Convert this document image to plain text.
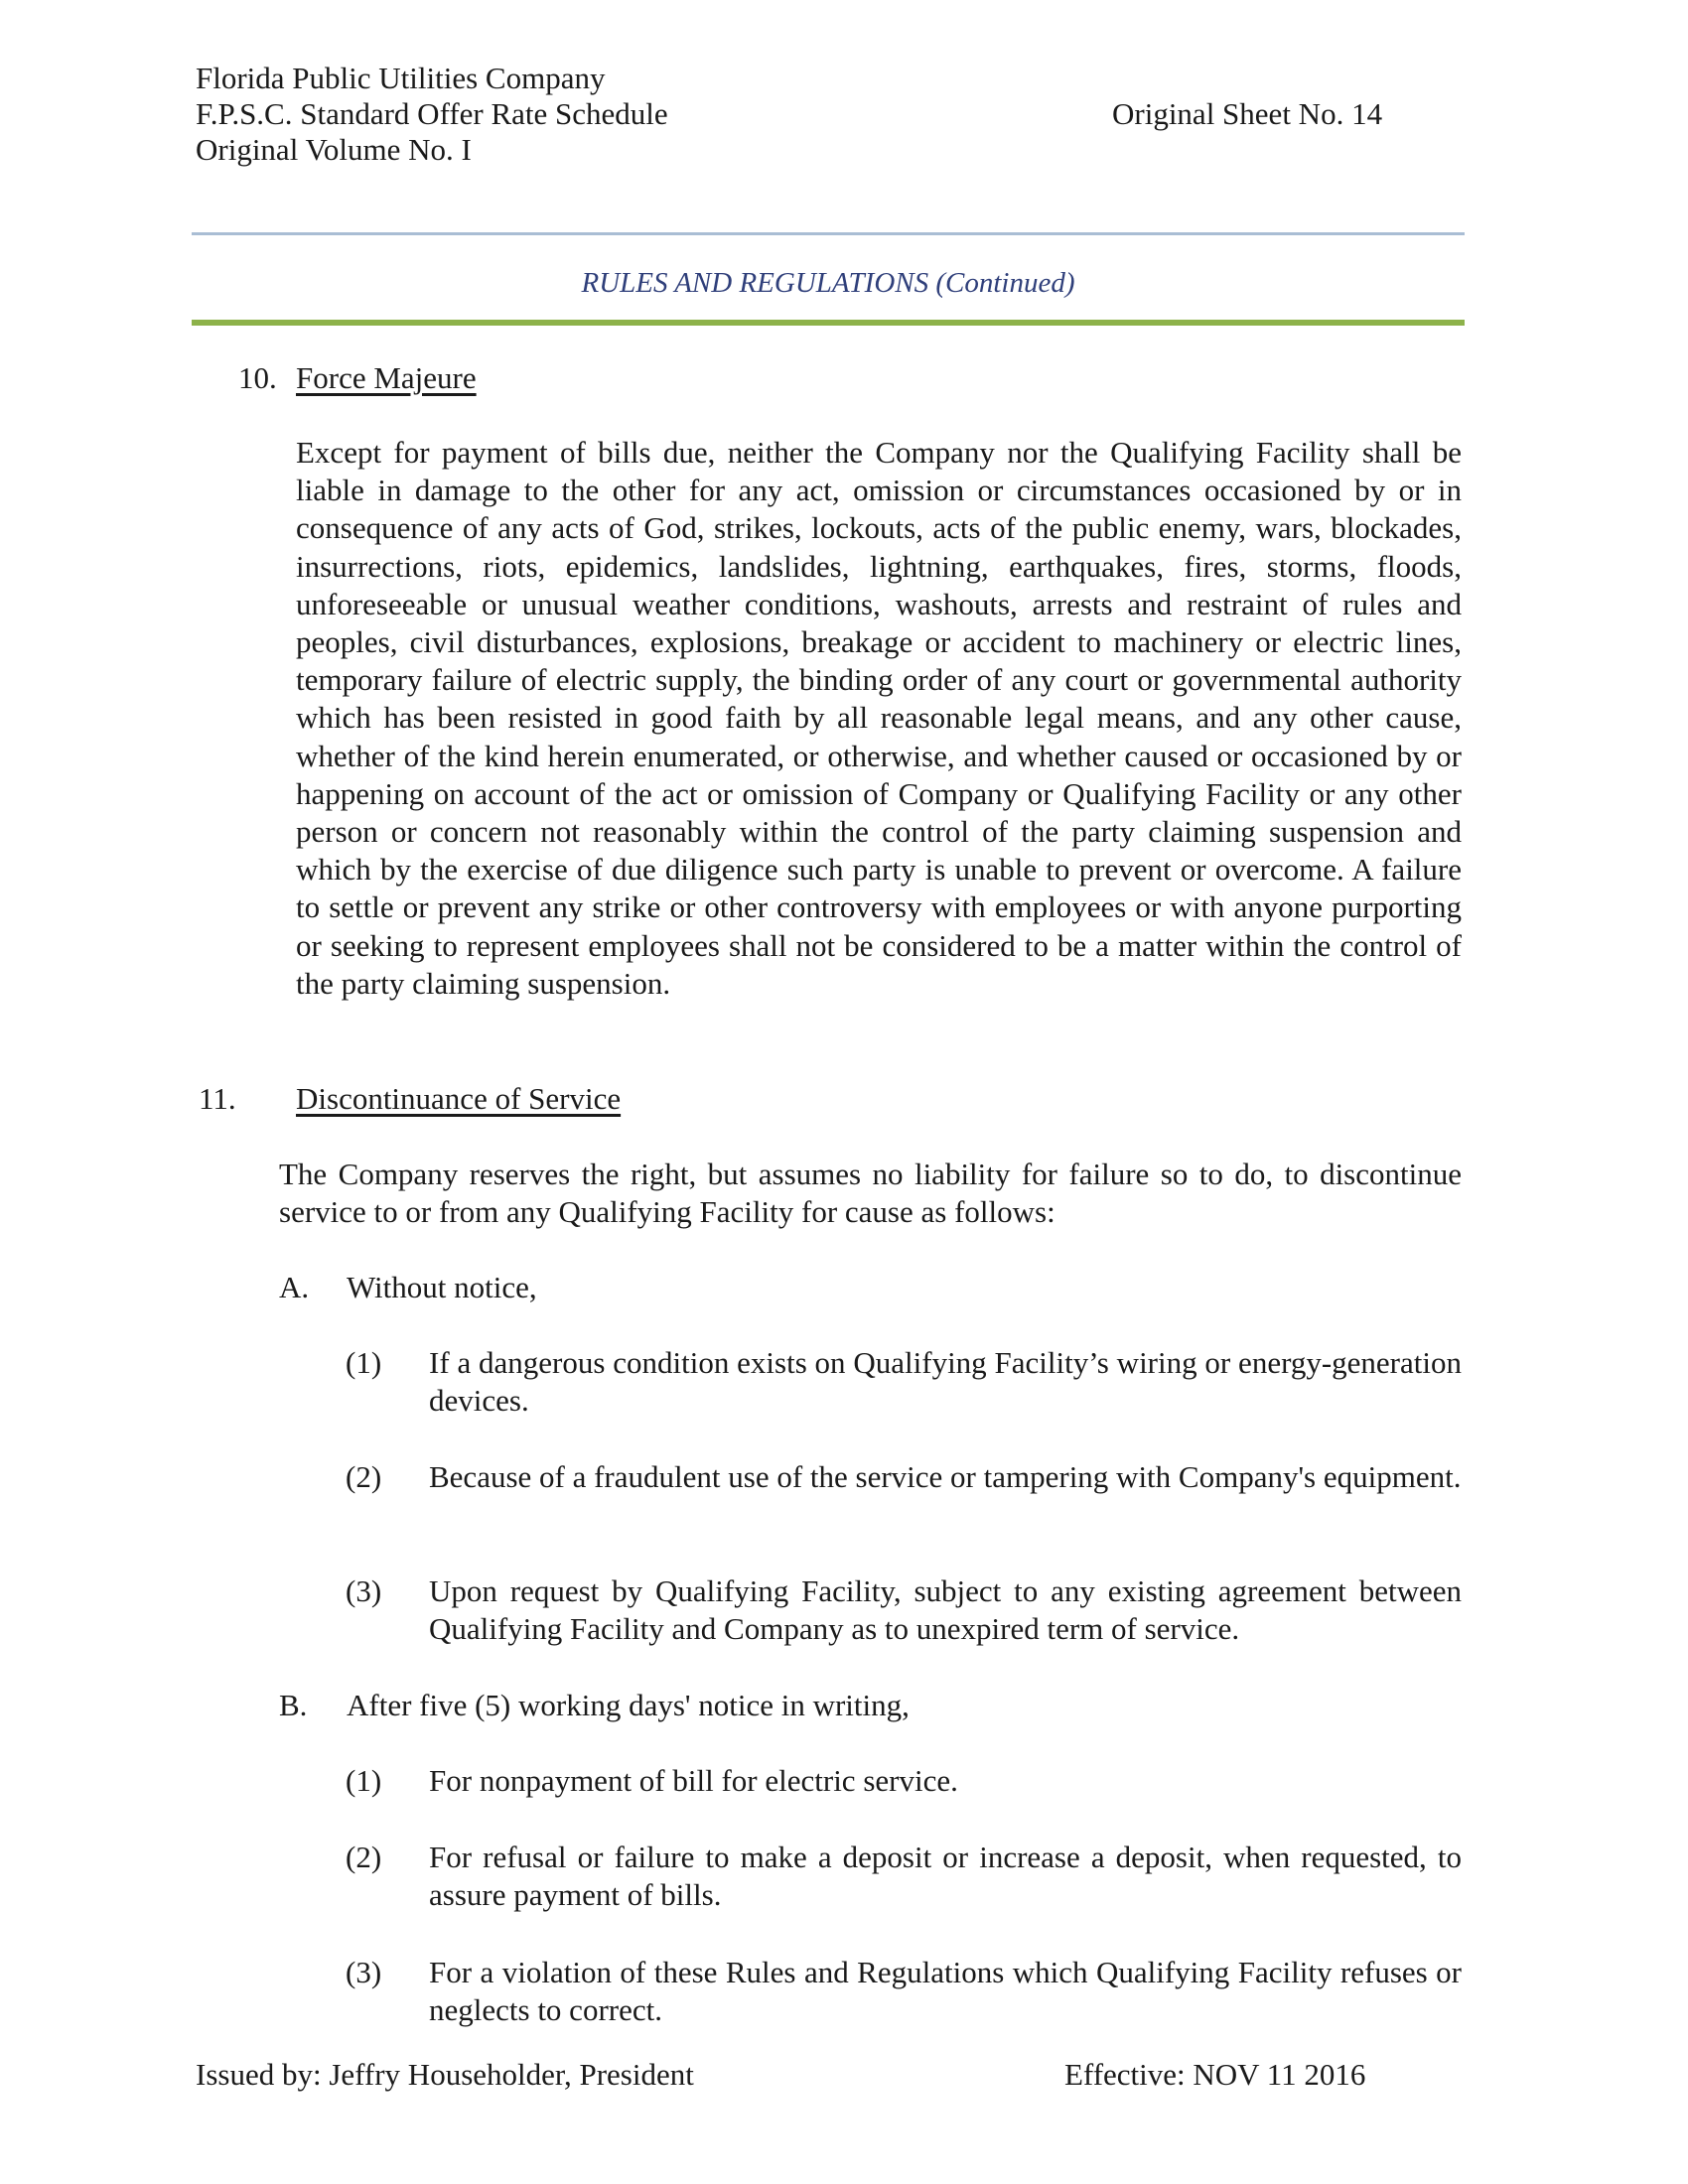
Florida Public Utilities Company
F.P.S.C. Standard Offer Rate Schedule
Original Volume No. I
Original Sheet No. 14
RULES AND REGULATIONS (Continued)
10. Force Majeure
Except for payment of bills due, neither the Company nor the Qualifying Facility shall be liable in damage to the other for any act, omission or circumstances occasioned by or in consequence of any acts of God, strikes, lockouts, acts of the public enemy, wars, blockades, insurrections, riots, epidemics, landslides, lightning, earthquakes, fires, storms, floods, unforeseeable or unusual weather conditions, washouts, arrests and restraint of rules and peoples, civil disturbances, explosions, breakage or accident to machinery or electric lines, temporary failure of electric supply, the binding order of any court or governmental authority which has been resisted in good faith by all reasonable legal means, and any other cause, whether of the kind herein enumerated, or otherwise, and whether caused or occasioned by or happening on account of the act or omission of Company or Qualifying Facility or any other person or concern not reasonably within the control of the party claiming suspension and which by the exercise of due diligence such party is unable to prevent or overcome. A failure to settle or prevent any strike or other controversy with employees or with anyone purporting or seeking to represent employees shall not be considered to be a matter within the control of the party claiming suspension.
11. Discontinuance of Service
The Company reserves the right, but assumes no liability for failure so to do, to discontinue service to or from any Qualifying Facility for cause as follows:
A. Without notice,
(1) If a dangerous condition exists on Qualifying Facility’s wiring or energy-generation devices.
(2) Because of a fraudulent use of the service or tampering with Company's equipment.
(3) Upon request by Qualifying Facility, subject to any existing agreement between Qualifying Facility and Company as to unexpired term of service.
B. After five (5) working days' notice in writing,
(1) For nonpayment of bill for electric service.
(2) For refusal or failure to make a deposit or increase a deposit, when requested, to assure payment of bills.
(3) For a violation of these Rules and Regulations which Qualifying Facility refuses or neglects to correct.
Issued by: Jeffry Householder, President	Effective: NOV 11 2016
